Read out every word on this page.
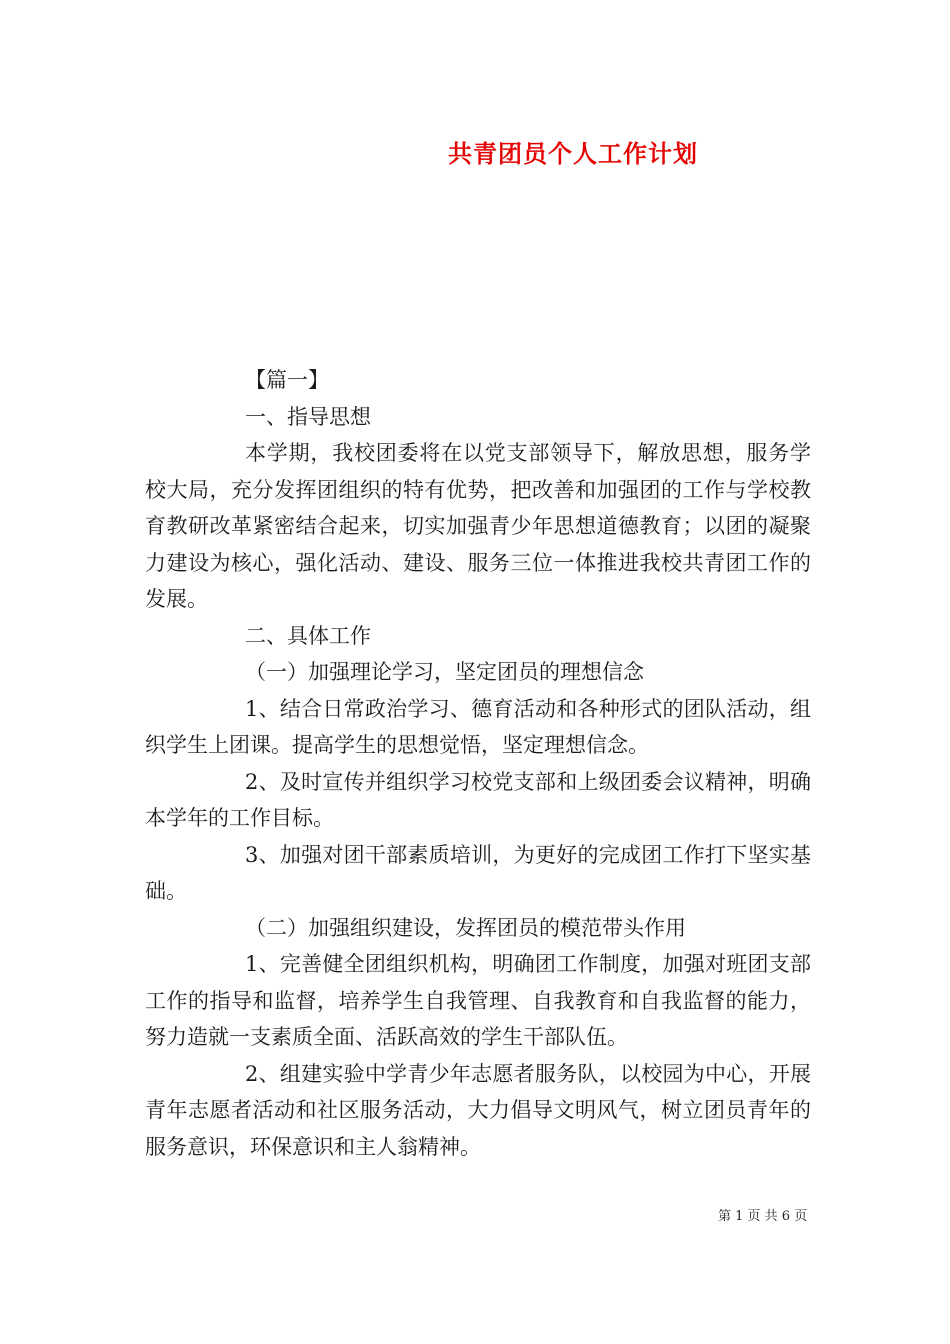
共青团员个人工作计划

【篇一】

一、指导思想

本学期，我校团委将在以党支部领导下，解放思想，服务学校大局，充分发挥团组织的特有优势，把改善和加强团的工作与学校教育教研改革紧密结合起来，切实加强青少年思想道德教育；以团的凝聚力建设为核心，强化活动、建设、服务三位一体推进我校共青团工作的发展。

二、具体工作

（一）加强理论学习，坚定团员的理想信念

1、结合日常政治学习、德育活动和各种形式的团队活动，组织学生上团课。提高学生的思想觉悟，坚定理想信念。

2、及时宣传并组织学习校党支部和上级团委会议精神，明确本学年的工作目标。

3、加强对团干部素质培训，为更好的完成团工作打下坚实基础。

（二）加强组织建设，发挥团员的模范带头作用

1、完善健全团组织机构，明确团工作制度，加强对班团支部工作的指导和监督，培养学生自我管理、自我教育和自我监督的能力，努力造就一支素质全面、活跃高效的学生干部队伍。

2、组建实验中学青少年志愿者服务队，以校园为中心，开展青年志愿者活动和社区服务活动，大力倡导文明风气，树立团员青年的服务意识，环保意识和主人翁精神。

第 1 页 共 6 页
